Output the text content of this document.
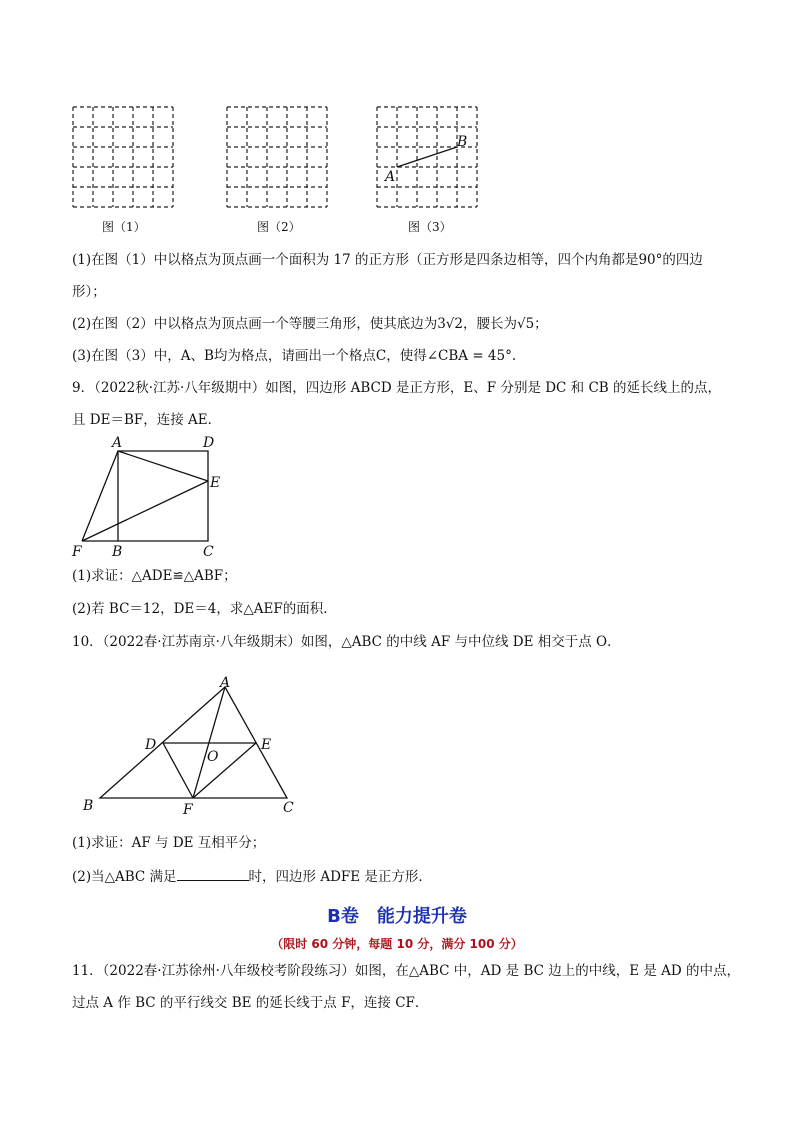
A
B
图（1）	图（2）	图（3）
(1)在图（1）中以格点为顶点画一个面积为 17 的正方形（正方形是四条边相等，四个内角都是90°的四边
形）；
(2)在图（2）中以格点为顶点画一个等腰三角形，使其底边为3√2，腰长为√5；
(3)在图（3）中，A、B均为格点，请画出一个格点C，使得∠CBA = 45°.
9．（2022秋·江苏·八年级期中）如图，四边形 ABCD 是正方形，E、F 分别是 DC 和 CB 的延长线上的点，
且 DE＝BF，连接 AE．
A	D
E
F B	C
(1)求证：△ADE≌△ABF；
(2)若 BC＝12，DE＝4，求△AEF的面积．
10．（2022春·江苏南京·八年级期末）如图，△ABC 的中线 AF 与中位线 DE 相交于点 O．
A
D	E
O
B	F	C
(1)求证：AF 与 DE 互相平分；
(2)当△ABC 满足	时，四边形 ADFE 是正方形．
B卷　能力提升卷
（限时 60 分钟，每题 10 分，满分 100 分）
11．（2022春·江苏徐州·八年级校考阶段练习）如图，在△ABC 中，AD 是 BC 边上的中线，E 是 AD 的中点，
过点 A 作 BC 的平行线交 BE 的延长线于点 F，连接 CF．
